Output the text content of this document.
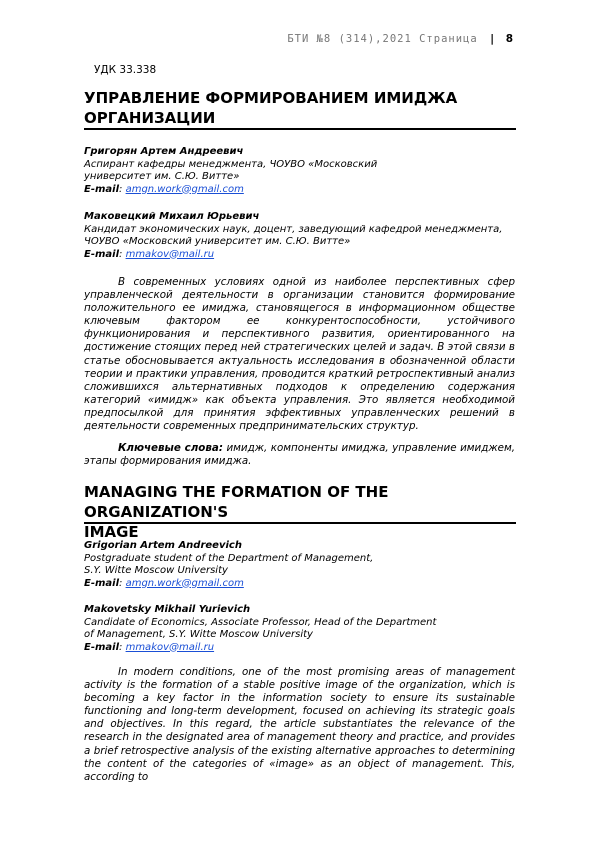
БТИ №8 (314),2021 Страница | 8
УДК 33.338
УПРАВЛЕНИЕ ФОРМИРОВАНИЕМ ИМИДЖА
ОРГАНИЗАЦИИ
Григорян Артем Андреевич
Аспирант кафедры менеджмента, ЧОУВО «Московский
университет им. С.Ю. Витте»
E-mail: amgn.work@gmail.com
Маковецкий Михаил Юрьевич
Кандидат экономических наук, доцент, заведующий кафедрой менеджмента,
ЧОУВО «Московский университет им. С.Ю. Витте»
E-mail: mmakov@mail.ru

В современных условиях одной из наиболее перспективных сфер управленческой деятельности в организации становится формирование положительного ее имиджа, становящегося в информационном обществе ключевым фактором ее конкурентоспособности, устойчивого функционирования и перспективного развития, ориентированного на достижение стоящих перед ней стратегических целей и задач. В этой связи в статье обосновывается актуальность исследования в обозначенной области теории и практики управления, проводится краткий ретроспективный анализ сложившихся альтернативных подходов к определению содержания категорий «имидж» как объекта управления. Это является необходимой предпосылкой для принятия эффективных управленческих решений в деятельности современных предпринимательских структур.

Ключевые слова: имидж, компоненты имиджа, управление имиджем, этапы формирования имиджа.
MANAGING THE FORMATION OF THE ORGANIZATION'S
IMAGE
Grigorian Artem Andreevich
Postgraduate student of the Department of Management,
S.Y. Witte Moscow University
E-mail: amgn.work@gmail.com
Makovetsky Mikhail Yurievich
Candidate of Economics, Associate Professor, Head of the Department
of Management, S.Y. Witte Moscow University
E-mail: mmakov@mail.ru

In modern conditions, one of the most promising areas of management activity is the formation of a stable positive image of the organization, which is becoming a key factor in the information society to ensure its sustainable functioning and long-term development, focused on achieving its strategic goals and objectives. In this regard, the article substantiates the relevance of the research in the designated area of management theory and practice, and provides a brief retrospective analysis of the existing alternative approaches to determining the content of the categories of «image» as an object of management. This, according to
